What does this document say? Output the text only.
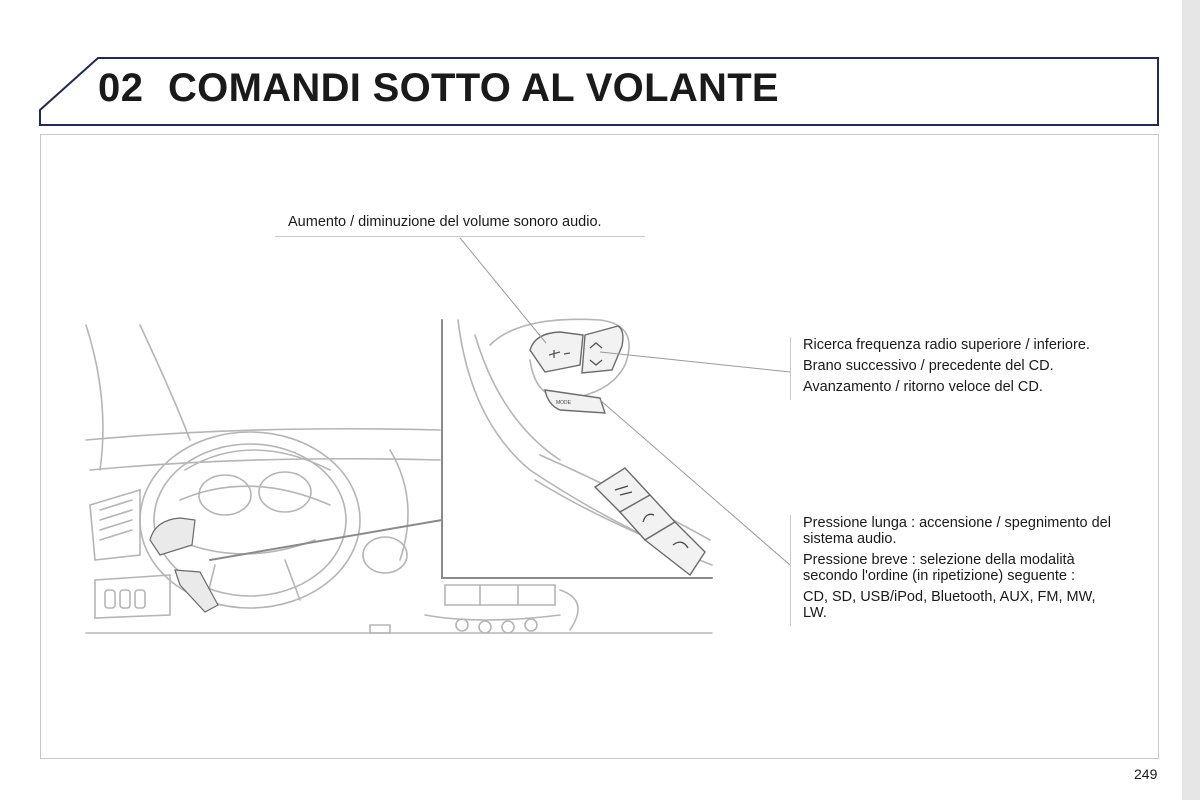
02 COMANDI SOTTO AL VOLANTE
MODE
Aumento / diminuzione del volume sonoro audio.

Ricerca frequenza radio superiore / inferiore.

Brano successivo / precedente del CD.

Avanzamento / ritorno veloce del CD.

Pressione lunga : accensione / spegnimento del sistema audio.

Pressione breve : selezione della modalità secondo l'ordine (in ripetizione) seguente :

CD, SD, USB/iPod, Bluetooth, AUX, FM, MW, LW.

249
